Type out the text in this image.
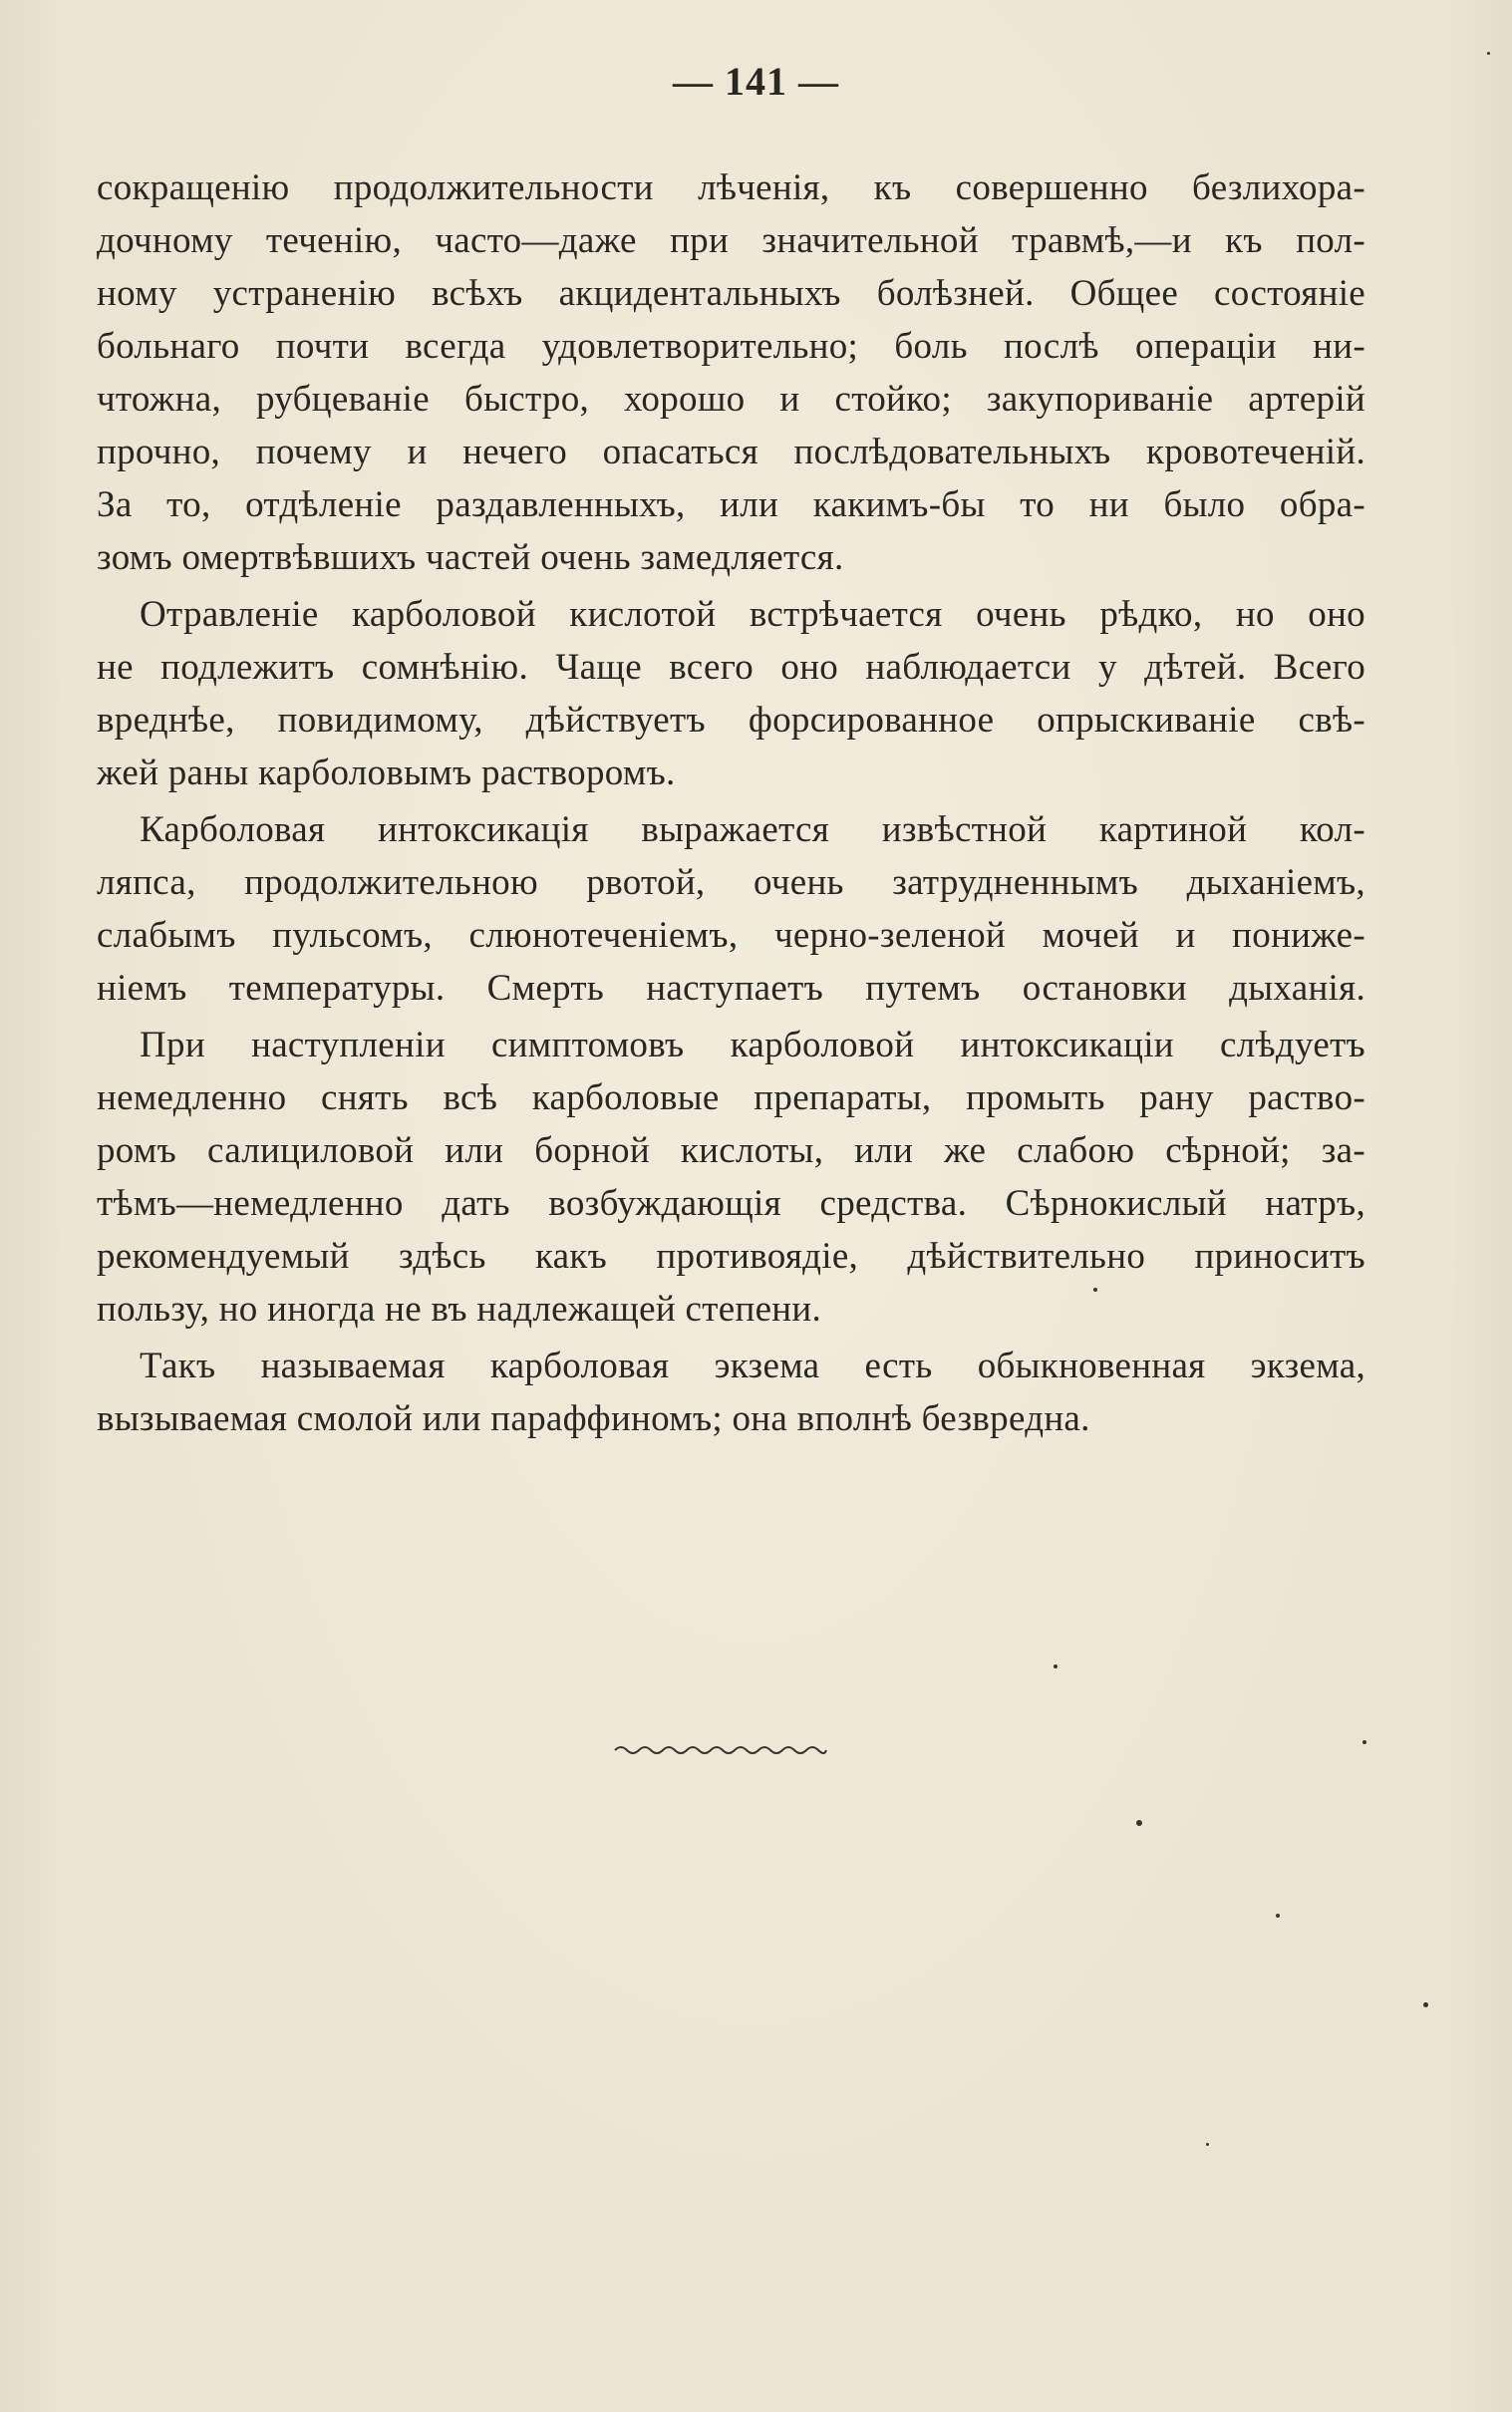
— 141 —
сокращенію продолжительности лѣченія, къ совершенно безлихора-
дочному теченію, часто—даже при значительной травмѣ,—и къ пол-
ному устраненію всѣхъ акцидентальныхъ болѣзней. Общее состояніе
больнаго почти всегда удовлетворительно; боль послѣ операціи ни-
чтожна, рубцеваніе быстро, хорошо и стойко; закупориваніе артерій
прочно, почему и нечего опасаться послѣдовательныхъ кровотеченій.
За то, отдѣленіе раздавленныхъ, или какимъ-бы то ни было обра-
зомъ омертвѣвшихъ частей очень замедляется.
Отравленіе карболовой кислотой встрѣчается очень рѣдко, но оно
не подлежитъ сомнѣнію. Чаще всего оно наблюдаетси у дѣтей. Всего
вреднѣе, повидимому, дѣйствуетъ форсированное опрыскиваніе свѣ-
жей раны карболовымъ растворомъ.
Карболовая интоксикація выражается извѣстной картиной кол-
ляпса, продолжительною рвотой, очень затрудненнымъ дыханіемъ,
слабымъ пульсомъ, слюнотеченіемъ, черно-зеленой мочей и пониже-
ніемъ температуры. Смерть наступаетъ путемъ остановки дыханія.
При наступленіи симптомовъ карболовой интоксикаціи слѣдуетъ
немедленно снять всѣ карболовые препараты, промыть рану раство-
ромъ салициловой или борной кислоты, или же слабою сѣрной; за-
тѣмъ—немедленно дать возбуждающія средства. Сѣрнокислый натръ,
рекомендуемый здѣсь какъ противоядіе, дѣйствительно приноситъ
пользу, но иногда не въ надлежащей степени.
Такъ называемая карболовая экзема есть обыкновенная экзема,
вызываемая смолой или параффиномъ; она вполнѣ безвредна.
